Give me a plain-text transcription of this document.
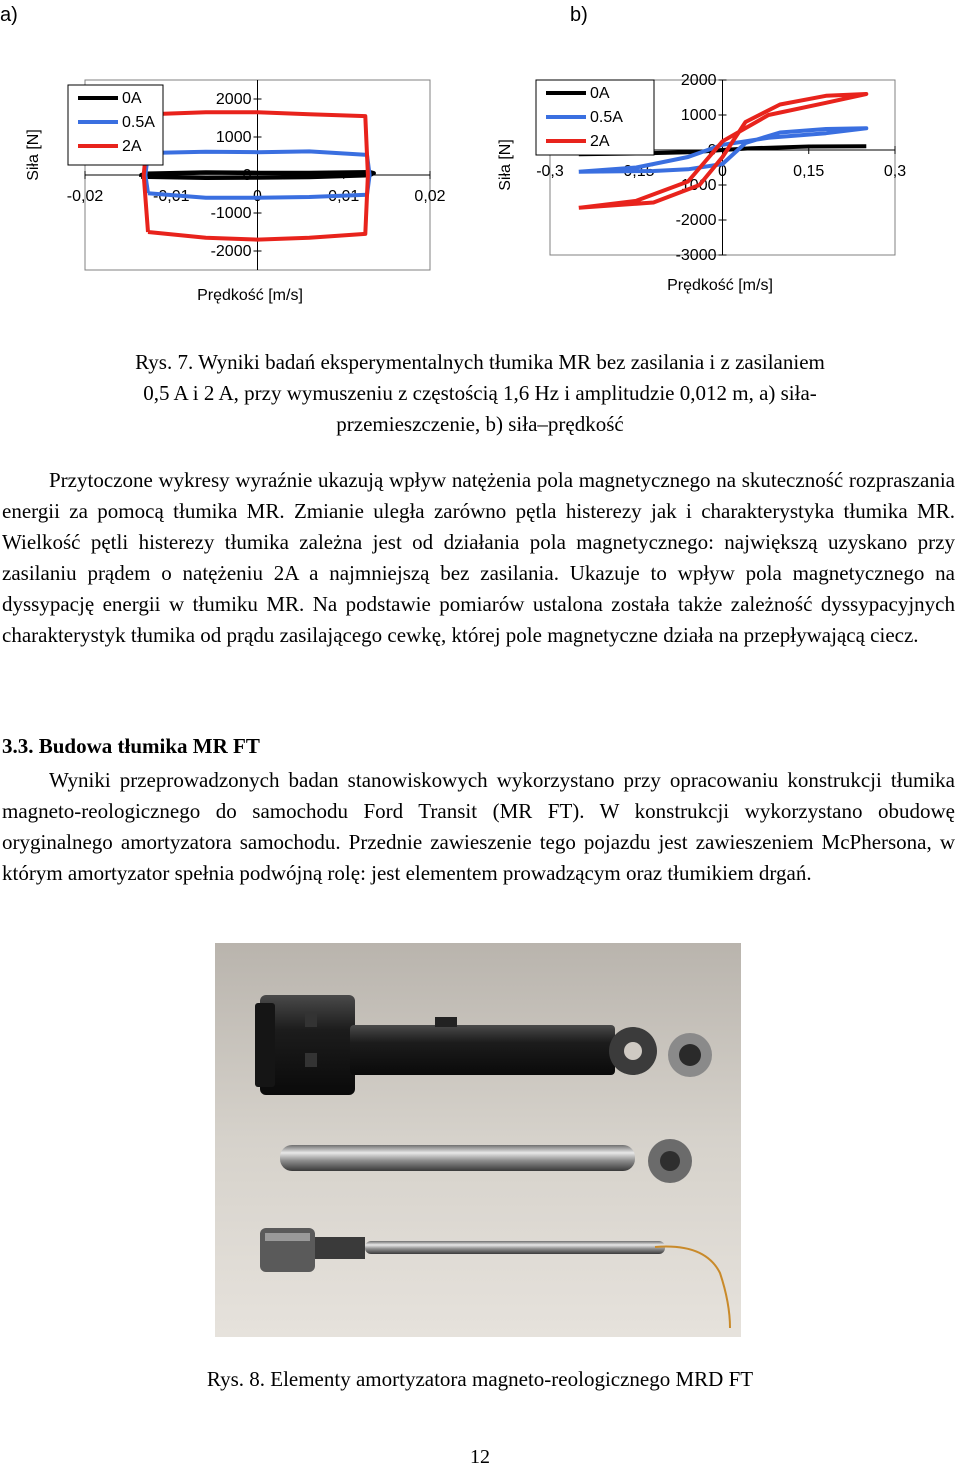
a)	b)
2000
1000
0
-1000
-2000
-0,02	-0,01	0	0,01	0,02
0A
0.5A
2A
Siła [N]
Prędkość [m/s]
2000
1000
0
-1000
-2000
-3000
-0,3	-0,15	0	0,15	0,3
0A
0.5A
2A
Siła [N]
Prędkość [m/s]
Rys. 7. Wyniki badań eksperymentalnych tłumika MR bez zasilania i z zasilaniem
0,5 A i 2 A, przy wymuszeniu z częstością 1,6 Hz i amplitudzie 0,012 m, a) siła-
przemieszczenie, b) siła–prędkość

Przytoczone wykresy wyraźnie ukazują wpływ natężenia pola magnetycznego na skuteczność rozpraszania energii za pomocą tłumika MR. Zmianie uległa zarówno pętla histerezy jak i charakterystyka tłumika MR. Wielkość pętli histerezy tłumika zależna jest od działania pola magnetycznego: największą uzyskano przy zasilaniu prądem o natężeniu 2A a najmniejszą bez zasilania. Ukazuje to wpływ pola magnetycznego na dyssypację energii w tłumiku MR. Na podstawie pomiarów ustalona została także zależność dyssypacyjnych charakterystyk tłumika od prądu zasilającego cewkę, której pole magnetyczne działa na przepływającą ciecz.

3.3. Budowa tłumika MR FT

Wyniki przeprowadzonych badan stanowiskowych wykorzystano przy opracowaniu konstrukcji tłumika magneto-reologicznego do samochodu Ford Transit (MR FT). W konstrukcji wykorzystano obudowę oryginalnego amortyzatora samochodu. Przednie zawieszenie tego pojazdu jest zawieszeniem McPhersona, w którym amortyzator spełnia podwójną rolę: jest elementem prowadzącym oraz tłumikiem drgań.

Rys. 8. Elementy amortyzatora magneto-reologicznego MRD FT
12
